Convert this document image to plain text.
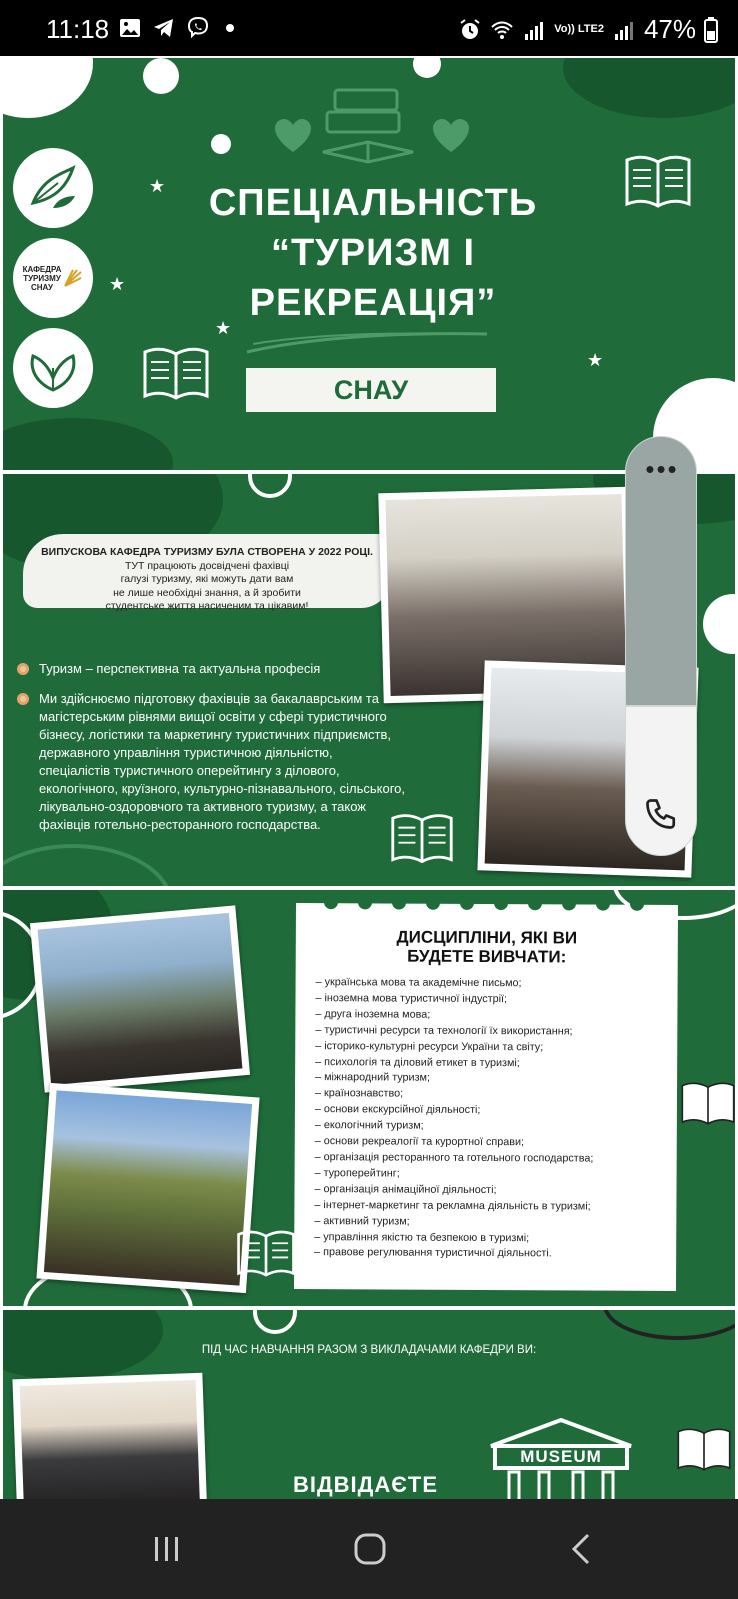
11:18	Vo)) LTE2 47%
КАФЕДРА
ТУРИЗМУ
СНАУ
★
★
★
★
СПЕЦІАЛЬНІСТЬ
“ТУРИЗМ І
РЕКРЕАЦІЯ”
СНАУ
ВИПУСКОВА КАФЕДРА ТУРИЗМУ БУЛА СТВОРЕНА У 2022 РОЦІ.
ТУТ працюють досвідчені фахівці
галузі туризму, які можуть дати вам
не лише необхідні знання, а й зробити
студентське життя насиченим та цікавим!
Туризм – перспективна та актуальна професія
Ми здійснюємо підготовку фахівців за бакалаврським та магістерським рівнями вищої освіти у сфері туристичного бізнесу, логістики та маркетингу туристичних підприємств, державного управління туристичною діяльністю, спеціалістів туристичного оперейтингу з ділового, екологічного, круїзного, культурно-пізнавального, сільського, лікувально-оздоровчого та активного туризму, а також фахівців готельно-ресторанного господарства.
ДИСЦИПЛІНИ, ЯКІ ВИ БУДЕТЕ ВИВЧАТИ:
– українська мова та академічне письмо;
– іноземна мова туристичної індустрії;
– друга іноземна мова;
– туристичні ресурси та технології їх використання;
– історико-культурні ресурси України та світу;
– психологія та діловий етикет в туризмі;
– міжнародний туризм;
– країнознавство;
– основи екскурсійної діяльності;
– екологічний туризм;
– основи рекреалогії та курортної справи;
– організація ресторанного та готельного господарства;
– туроперейтинг;
– організація анімаційної діяльності;
– інтернет-маркетинг та рекламна діяльність в туризмі;
– активний туризм;
– управління якістю та безпекою в туризмі;
– правове регулювання туристичної діяльності.
ПІД ЧАС НАВЧАННЯ РАЗОМ З ВИКЛАДАЧАМИ КАФЕДРИ ВИ:
MUSEUM
ВІДВІДАЄТЕ
•••
